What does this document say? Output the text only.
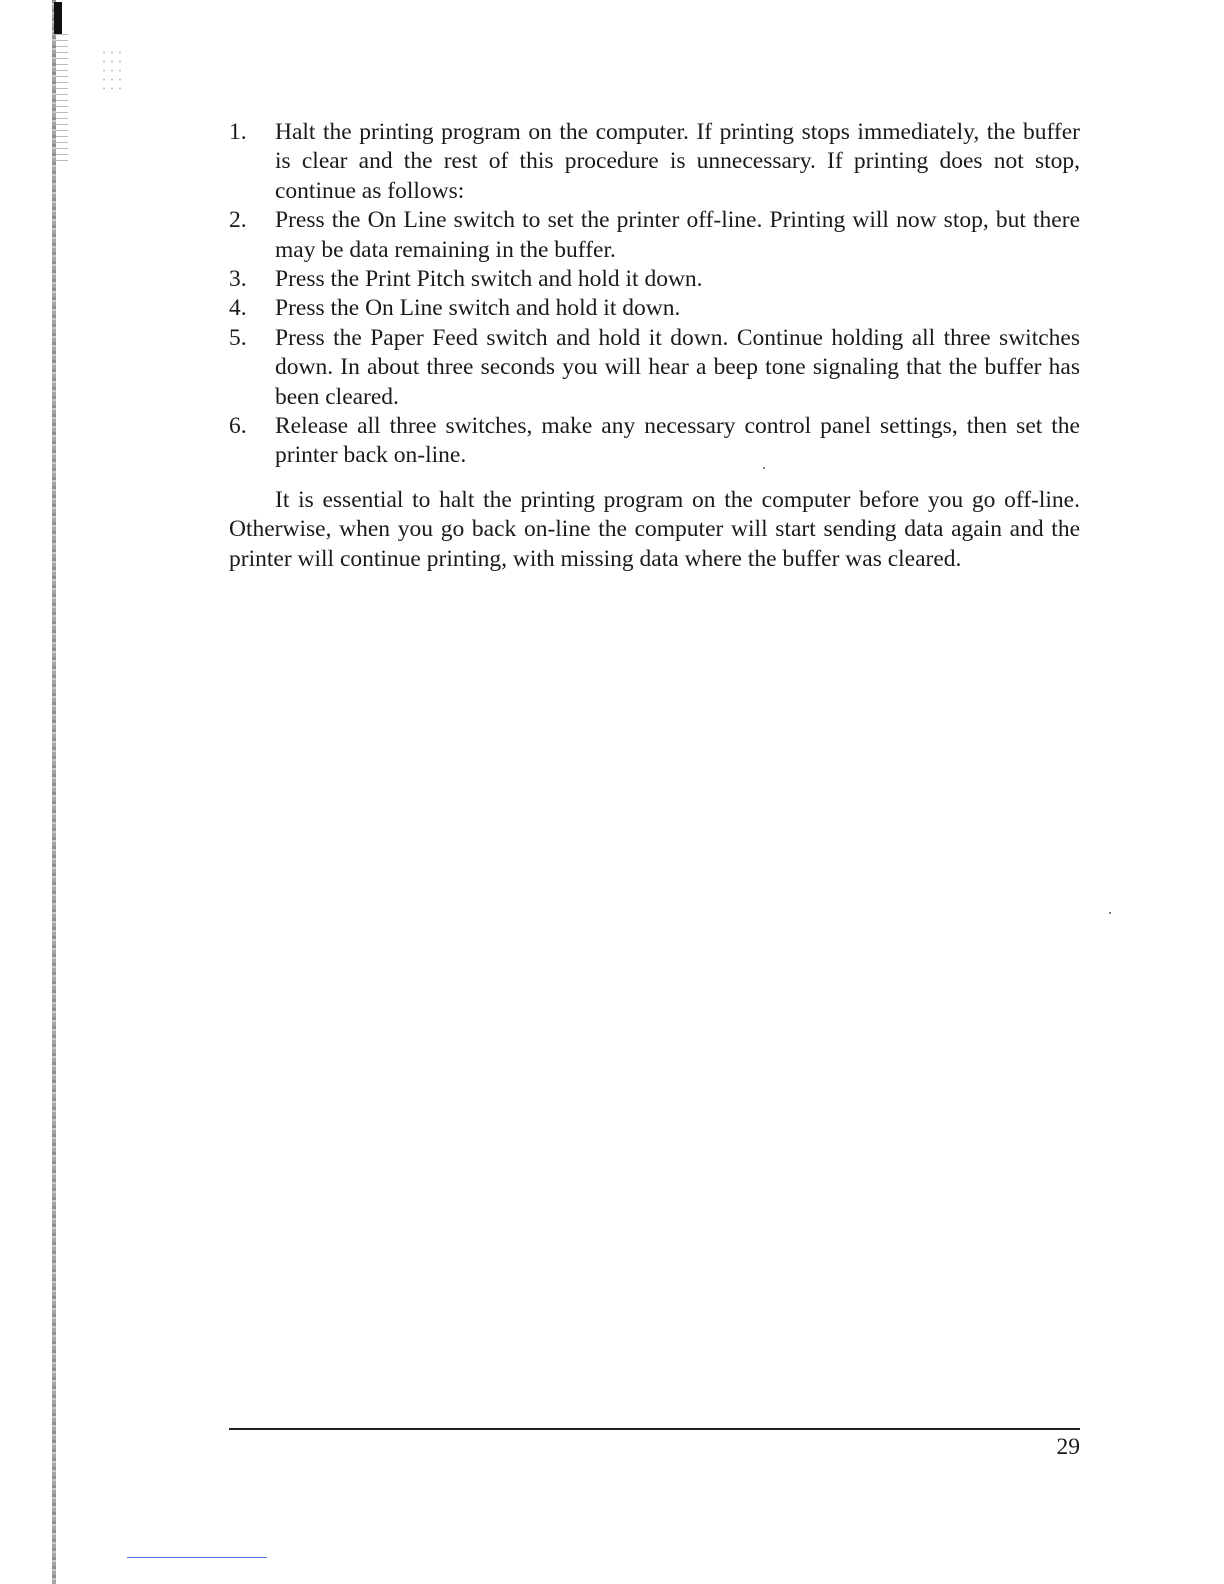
1.	Halt the printing program on the computer. If printing stops immediately, the buffer is clear and the rest of this procedure is unnecessary. If printing does not stop, continue as follows:
2.	Press the On Line switch to set the printer off-line. Printing will now stop, but there may be data remaining in the buffer.
3.	Press the Print Pitch switch and hold it down.
4.	Press the On Line switch and hold it down.
5.	Press the Paper Feed switch and hold it down. Continue holding all three switches down. In about three seconds you will hear a beep tone signaling that the buffer has been cleared.
6.	Release all three switches, make any necessary control panel settings, then set the printer back on-line.

It is essential to halt the printing program on the computer before you go off-line. Otherwise, when you go back on-line the computer will start sending data again and the printer will continue printing, with missing data where the buffer was cleared.

29
